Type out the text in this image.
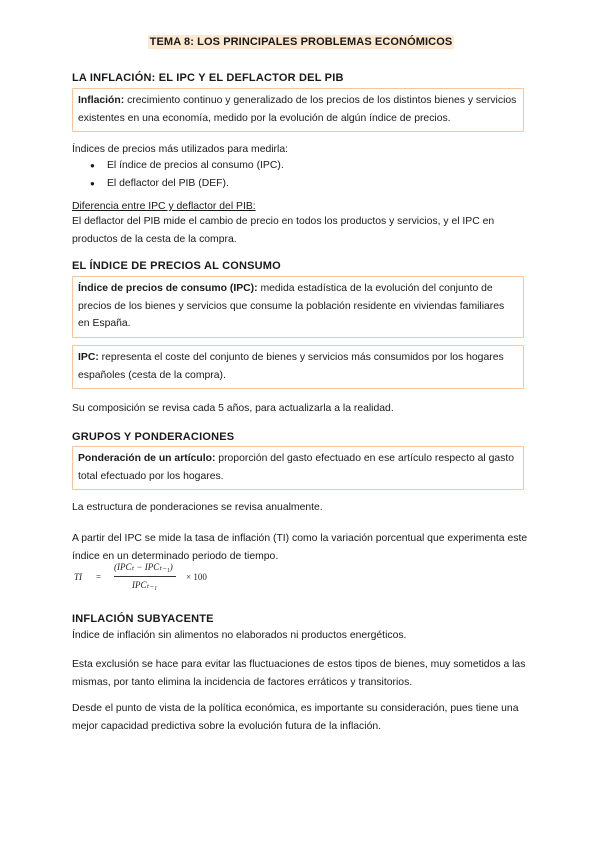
TEMA 8: LOS PRINCIPALES PROBLEMAS ECONÓMICOS
LA INFLACIÓN: EL IPC Y EL DEFLACTOR DEL PIB
Inflación: crecimiento continuo y generalizado de los precios de los distintos bienes y servicios existentes en una economía, medido por la evolución de algún índice de precios.
Índices de precios más utilizados para medirla:
● El índice de precios al consumo (IPC).
● El deflactor del PIB (DEF).
Diferencia entre IPC y deflactor del PIB:
El deflactor del PIB mide el cambio de precio en todos los productos y servicios, y el IPC en productos de la cesta de la compra.
EL ÍNDICE DE PRECIOS AL CONSUMO
Índice de precios de consumo (IPC): medida estadística de la evolución del conjunto de precios de los bienes y servicios que consume la población residente en viviendas familiares en España.
IPC: representa el coste del conjunto de bienes y servicios más consumidos por los hogares españoles (cesta de la compra).
Su composición se revisa cada 5 años, para actualizarla a la realidad.
GRUPOS Y PONDERACIONES
Ponderación de un artículo: proporción del gasto efectuado en ese artículo respecto al gasto total efectuado por los hogares.
La estructura de ponderaciones se revisa anualmente.
A partir del IPC se mide la tasa de inflación (TI) como la variación porcentual que experimenta este índice en un determinado periodo de tiempo.
TI =
(IPCₜ − IPCₜ₋₁)
IPCₜ₋₁
× 100
INFLACIÓN SUBYACENTE
Índice de inflación sin alimentos no elaborados ni productos energéticos.
Esta exclusión se hace para evitar las fluctuaciones de estos tipos de bienes, muy sometidos a las mismas, por tanto elimina la incidencia de factores erráticos y transitorios.
Desde el punto de vista de la política económica, es importante su consideración, pues tiene una mejor capacidad predictiva sobre la evolución futura de la inflación.
